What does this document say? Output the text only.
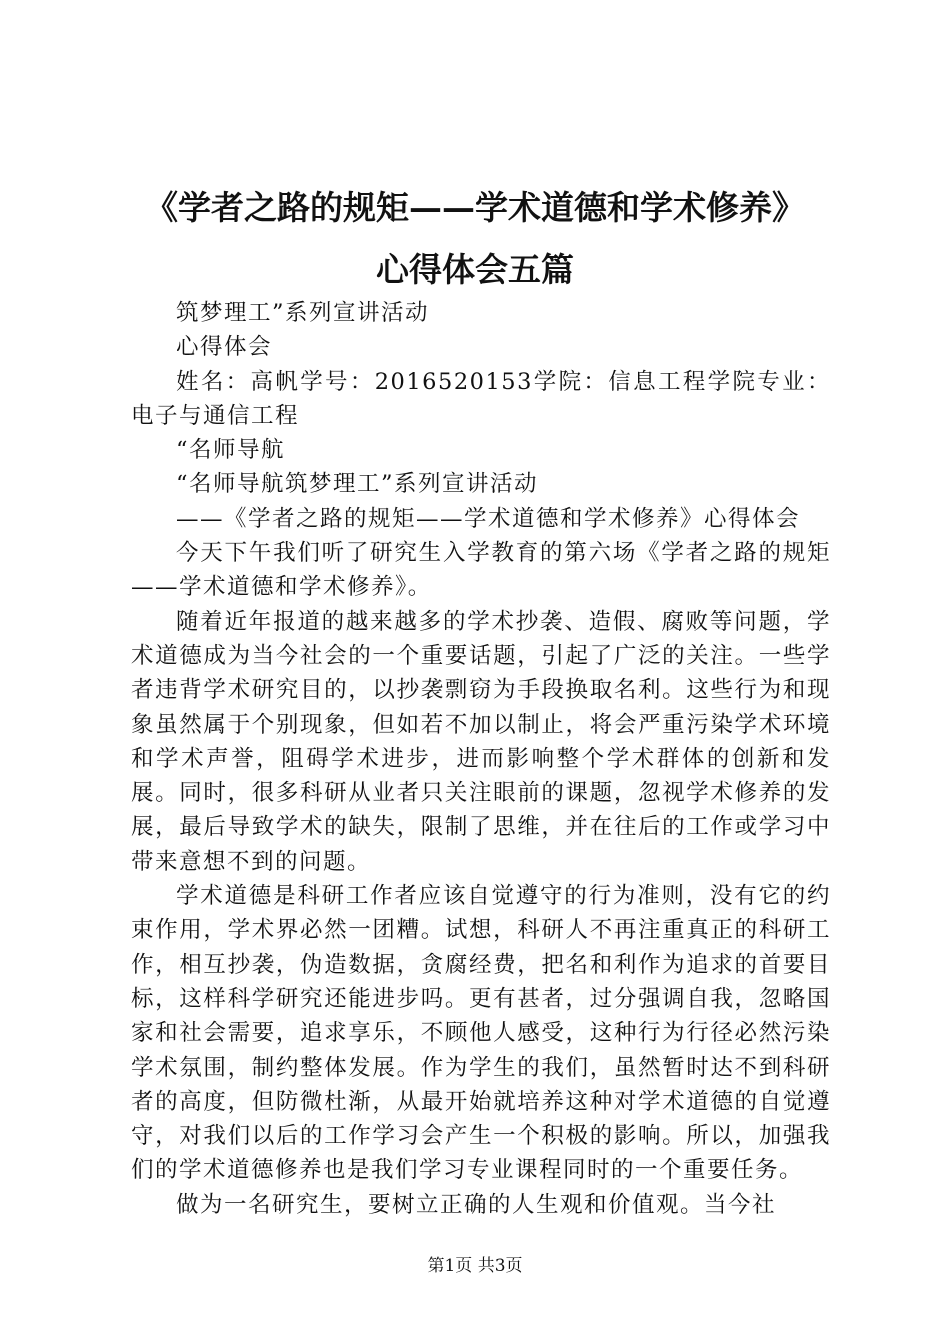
《学者之路的规矩——学术道德和学术修养》
心得体会五篇

筑梦理工”系列宣讲活动

心得体会

姓名：高帆学号：2016520153学院：信息工程学院专业：电子与通信工程

“名师导航

“名师导航筑梦理工”系列宣讲活动

——《学者之路的规矩——学术道德和学术修养》心得体会

今天下午我们听了研究生入学教育的第六场《学者之路的规矩——学术道德和学术修养》。

随着近年报道的越来越多的学术抄袭、造假、腐败等问题，学术道德成为当今社会的一个重要话题，引起了广泛的关注。一些学者违背学术研究目的，以抄袭剽窃为手段换取名利。这些行为和现象虽然属于个别现象，但如若不加以制止，将会严重污染学术环境和学术声誉，阻碍学术进步，进而影响整个学术群体的创新和发展。同时，很多科研从业者只关注眼前的课题，忽视学术修养的发展，最后导致学术的缺失，限制了思维，并在往后的工作或学习中带来意想不到的问题。

学术道德是科研工作者应该自觉遵守的行为准则，没有它的约束作用，学术界必然一团糟。试想，科研人不再注重真正的科研工作，相互抄袭，伪造数据，贪腐经费，把名和利作为追求的首要目标，这样科学研究还能进步吗。更有甚者，过分强调自我，忽略国家和社会需要，追求享乐，不顾他人感受，这种行为行径必然污染学术氛围，制约整体发展。作为学生的我们，虽然暂时达不到科研者的高度，但防微杜渐，从最开始就培养这种对学术道德的自觉遵守，对我们以后的工作学习会产生一个积极的影响。所以，加强我们的学术道德修养也是我们学习专业课程同时的一个重要任务。

做为一名研究生，要树立正确的人生观和价值观。当今社

第1页 共3页
